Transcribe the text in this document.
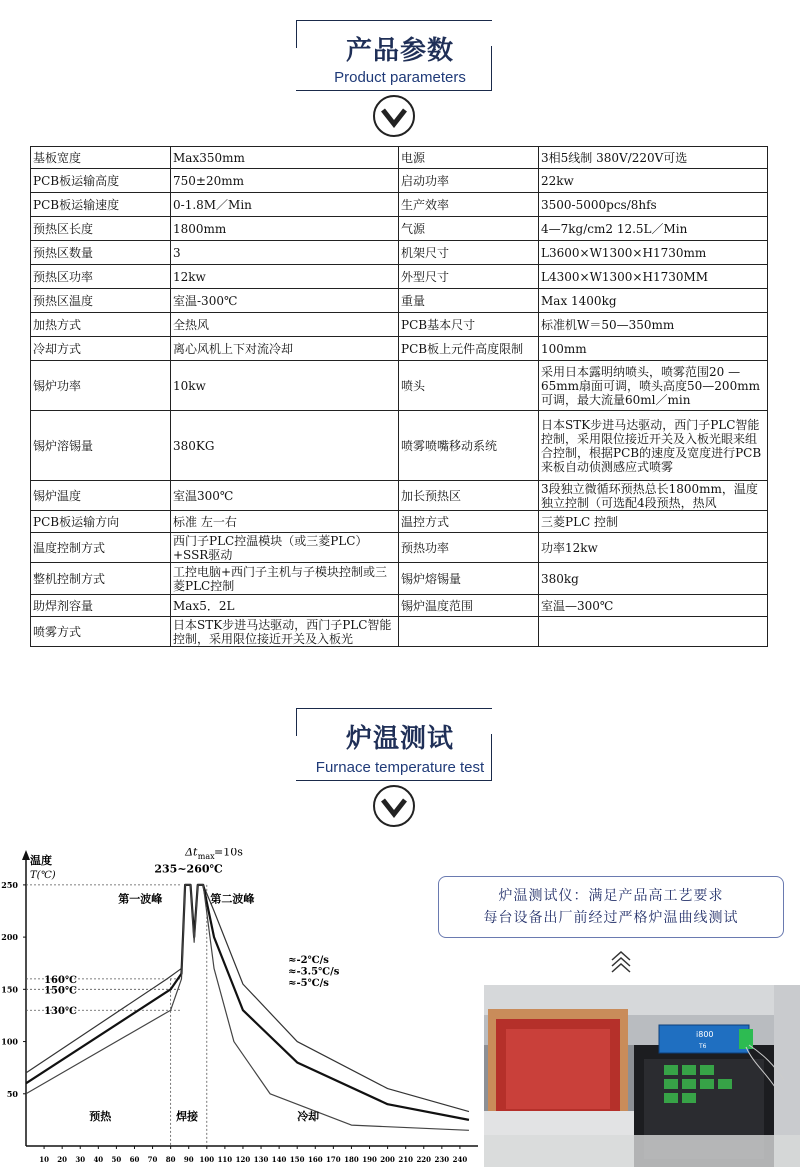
产品参数
Product parameters
基板宽度	Max350mm	电源	3相5线制 380V/220V可选
PCB板运输高度	750±20mm	启动功率	22kw
PCB板运输速度	0-1.8M／Min	生产效率	3500-5000pcs/8hfs
预热区长度	1800mm	气源	4—7kg/cm2 12.5L／Min
预热区数量	3	机架尺寸	L3600×W1300×H1730mm
预热区功率	12kw	外型尺寸	L4300×W1300×H1730MM
预热区温度	室温-300℃	重量	Max 1400kg
加热方式	全热风	PCB基本尺寸	标准机W＝50—350mm
冷却方式	离心风机上下对流冷却	PCB板上元件高度限制	100mm
锡炉功率	10kw	喷头	采用日本露明纳喷头，喷雾范围20 — 65mm扇面可调，喷头高度50—200mm可调，最大流量60ml／min
锡炉溶锡量	380KG	喷雾喷嘴移动系统	日本STK步进马达驱动，西门子PLC智能控制，采用限位接近开关及入板光眼来组合控制，根据PCB的速度及宽度进行PCB来板自动侦测感应式喷雾
锡炉温度	室温300℃	加长预热区	3段独立微循环预热总长1800mm，温度独立控制（可选配4段预热，热风
PCB板运输方向	标准 左一右	温控方式	三菱PLC 控制
温度控制方式	西门子PLC控温模块（或三菱PLC）+SSR驱动	预热功率	功率12kw
整机控制方式	工控电脑+西门子主机与子模块控制或三菱PLC控制	锡炉熔锡量	380kg
助焊剂容量	Max5．2L	锡炉温度范围	室温—300℃
喷雾方式	日本STK步进马达驱动，西门子PLC智能控制，采用限位接近开关及入板光		
炉温测试
Furnace temperature test
温度
T(℃)
50
100
150
200
250
10 20 30 40 50 60 70 80 90 100 110 120 130 140 150 160 170 180 190 200 210 220 230 240
235~260℃
第一波峰	第二波峰
Δt max =10s
160℃
150℃
130℃
≈-2℃/s
≈-3.5℃/s
≈-5℃/s
预热	焊接	冷却
炉温测试仪：满足产品高工艺要求
每台设备出厂前经过严格炉温曲线测试
i800
T6
